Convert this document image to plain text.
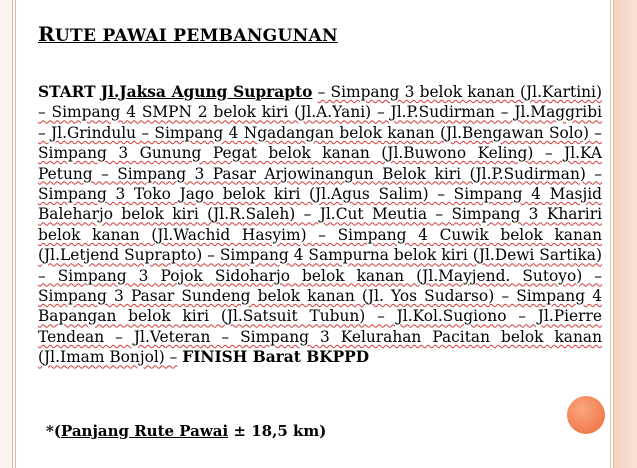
RUTE PAWAI PEMBANGUNAN

START Jl.Jaksa Agung Suprapto – Simpang 3 belok kanan (Jl.Kartini) – Simpang 4 SMPN 2 belok kiri (Jl.A.Yani) – Jl.P.Sudirman – Jl.Maggribi – Jl.Grindulu – Simpang 4 Ngadangan belok kanan (Jl.Bengawan Solo) – Simpang 3 Gunung Pegat belok kanan (Jl.Buwono Keling) – Jl.KA Petung – Simpang 3 Pasar Arjowinangun Belok kiri (Jl.P.Sudirman) – Simpang 3 Toko Jago belok kiri (Jl.Agus Salim) – Simpang 4 Masjid Baleharjo belok kiri (Jl.R.Saleh) – Jl.Cut Meutia – Simpang 3 Khariri belok kanan (Jl.Wachid Hasyim) – Simpang 4 Cuwik belok kanan (Jl.Letjend Suprapto) – Simpang 4 Sampurna belok kiri (Jl.Dewi Sartika) – Simpang 3 Pojok Sidoharjo belok kanan (Jl.Mayjend. Sutoyo) – Simpang 3 Pasar Sundeng belok kanan (Jl. Yos Sudarso) – Simpang 4 Bapangan belok kiri (Jl.Satsuit Tubun) – Jl.Kol.Sugiono – Jl.Pierre Tendean – Jl.Veteran – Simpang 3 Kelurahan Pacitan belok kanan (Jl.Imam Bonjol) – FINISH Barat BKPPD

*(Panjang Rute Pawai ± 18,5 km)
